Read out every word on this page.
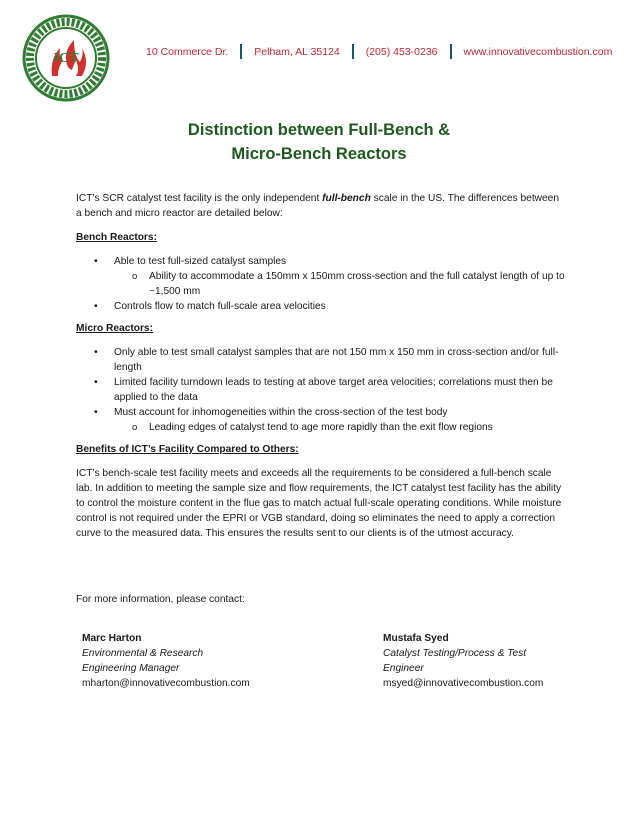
ICT	10 Commerce Dr. Pelham, AL 35124 (205) 453-0236 www.innovativecombustion.com
Distinction between Full-Bench &
Micro-Bench Reactors

ICT’s SCR catalyst test facility is the only independent full-bench scale in the US. The differences between a bench and micro reactor are detailed below:

Bench Reactors:
• Able to test full-sized catalyst samples
o Ability to accommodate a 150mm x 150mm cross-section and the full catalyst length of up to ~1,500 mm
• Controls flow to match full-scale area velocities
Micro Reactors:
• Only able to test small catalyst samples that are not 150 mm x 150 mm in cross-section and/or full-length
• Limited facility turndown leads to testing at above target area velocities; correlations must then be applied to the data
• Must account for inhomogeneities within the cross-section of the test body
o Leading edges of catalyst tend to age more rapidly than the exit flow regions
Benefits of ICT’s Facility Compared to Others:

ICT’s bench-scale test facility meets and exceeds all the requirements to be considered a full-bench scale lab. In addition to meeting the sample size and flow requirements, the ICT catalyst test facility has the ability to control the moisture content in the flue gas to match actual full-scale operating conditions. While moisture control is not required under the EPRI or VGB standard, doing so eliminates the need to apply a correction curve to the measured data. This ensures the results sent to our clients is of the utmost accuracy.

For more information, please contact:
Marc Harton
Environmental & Research
Engineering Manager
mharton@innovativecombustion.com
Mustafa Syed
Catalyst Testing/Process & Test
Engineer
msyed@innovativecombustion.com
